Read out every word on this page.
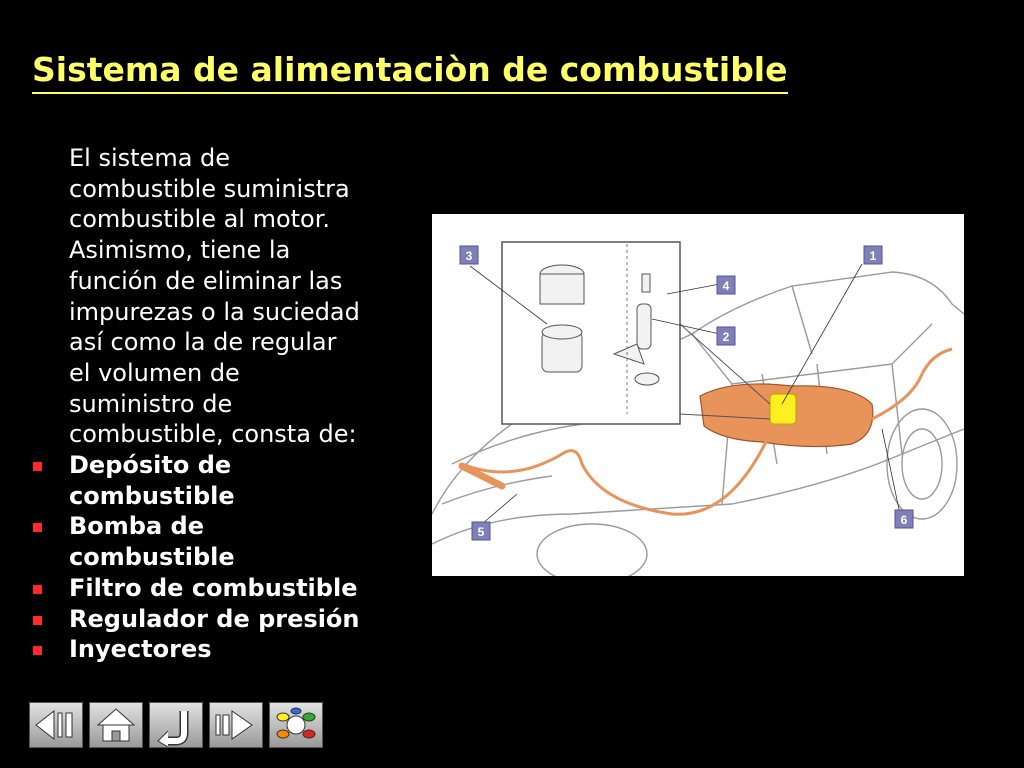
Sistema de alimentaciòn de combustible
El sistema de
combustible suministra
combustible al motor.
Asimismo, tiene la
función de eliminar las
impurezas o la suciedad
así como la de regular
el volumen de
suministro de
combustible, consta de:
Depósito de
combustible
Bomba de
combustible
Filtro de combustible
Regulador de presión
Inyectores
3	1
4
2
5
6
